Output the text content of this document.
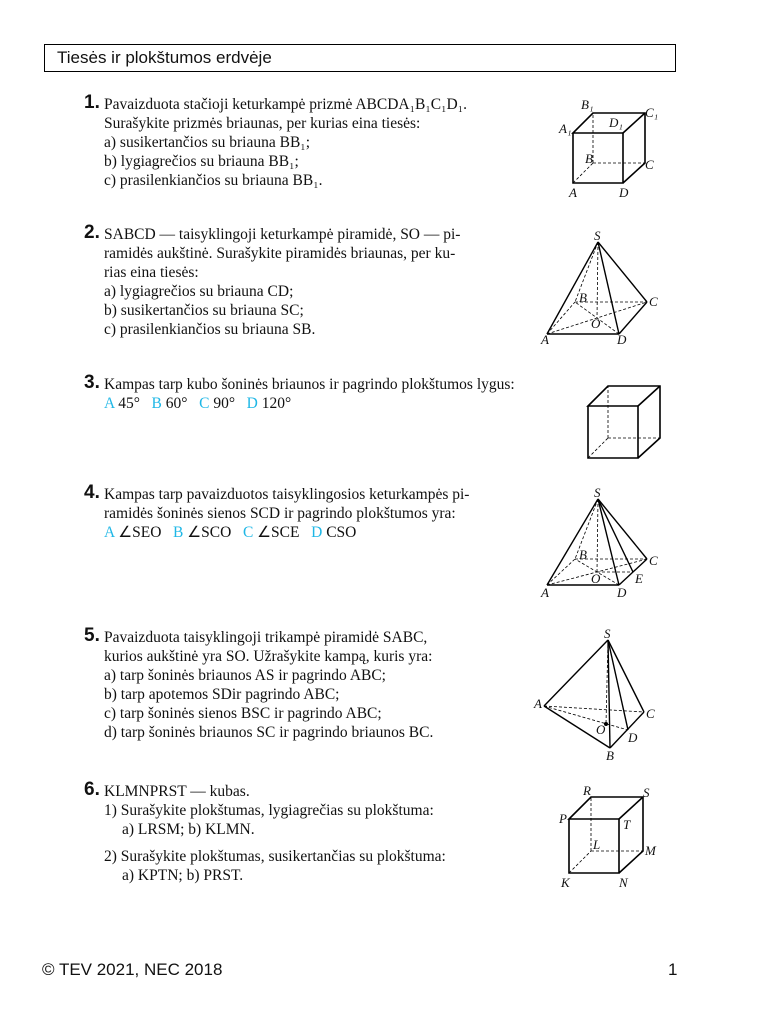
Tiesės ir plokštumos erdvėje
1. Pavaizduota stačioji keturkampė prizmė ABCDA₁B₁C₁D₁.
Surašykite prizmės briaunas, per kurias eina tiesės:
a) susikertančios su briauna BB₁;
b) lygiagrečios su briauna BB₁;
c) prasilenkiančios su briauna BB₁.
B₁
C₁
A₁	D₁
B	C
A	D
2. SABCD — taisyklingoji keturkampė piramidė, SO — pi-
ramidės aukštinė. Surašykite piramidės briaunas, per ku-
rias eina tiesės:
a) lygiagrečios su briauna CD;
b) susikertančios su briauna SC;
c) prasilenkiančios su briauna SB.
S
B	C
O
A	D
3. Kampas tarp kubo šoninės briaunos ir pagrindo plokštumos lygus:
A 45° B 60° C 90° D 120°
4. Kampas tarp pavaizduotos taisyklingosios keturkampės pi-
ramidės šoninės sienos SCD ir pagrindo plokštumos yra:
A ∠SEO B ∠SCO C ∠SCE D CSO
S
B	C
O	E
A	D
5. Pavaizduota taisyklingoji trikampė piramidė SABC,
kurios aukštinė yra SO. Užrašykite kampą, kuris yra:
a) tarp šoninės briaunos AS ir pagrindo ABC;
b) tarp apotemos SDir pagrindo ABC;
c) tarp šoninės sienos BSC ir pagrindo ABC;
d) tarp šoninės briaunos SC ir pagrindo briaunos BC.
S
A
C
O
D
B
6. KLMNPRST — kubas.
1) Surašykite plokštumas, lygiagrečias su plokštuma:
a) LRSM; b) KLMN.
2) Surašykite plokštumas, susikertančias su plokštuma:
a) KPTN; b) PRST.
R	S
P	T
L	M
K	N
© TEV 2021, NEC 2018	1
